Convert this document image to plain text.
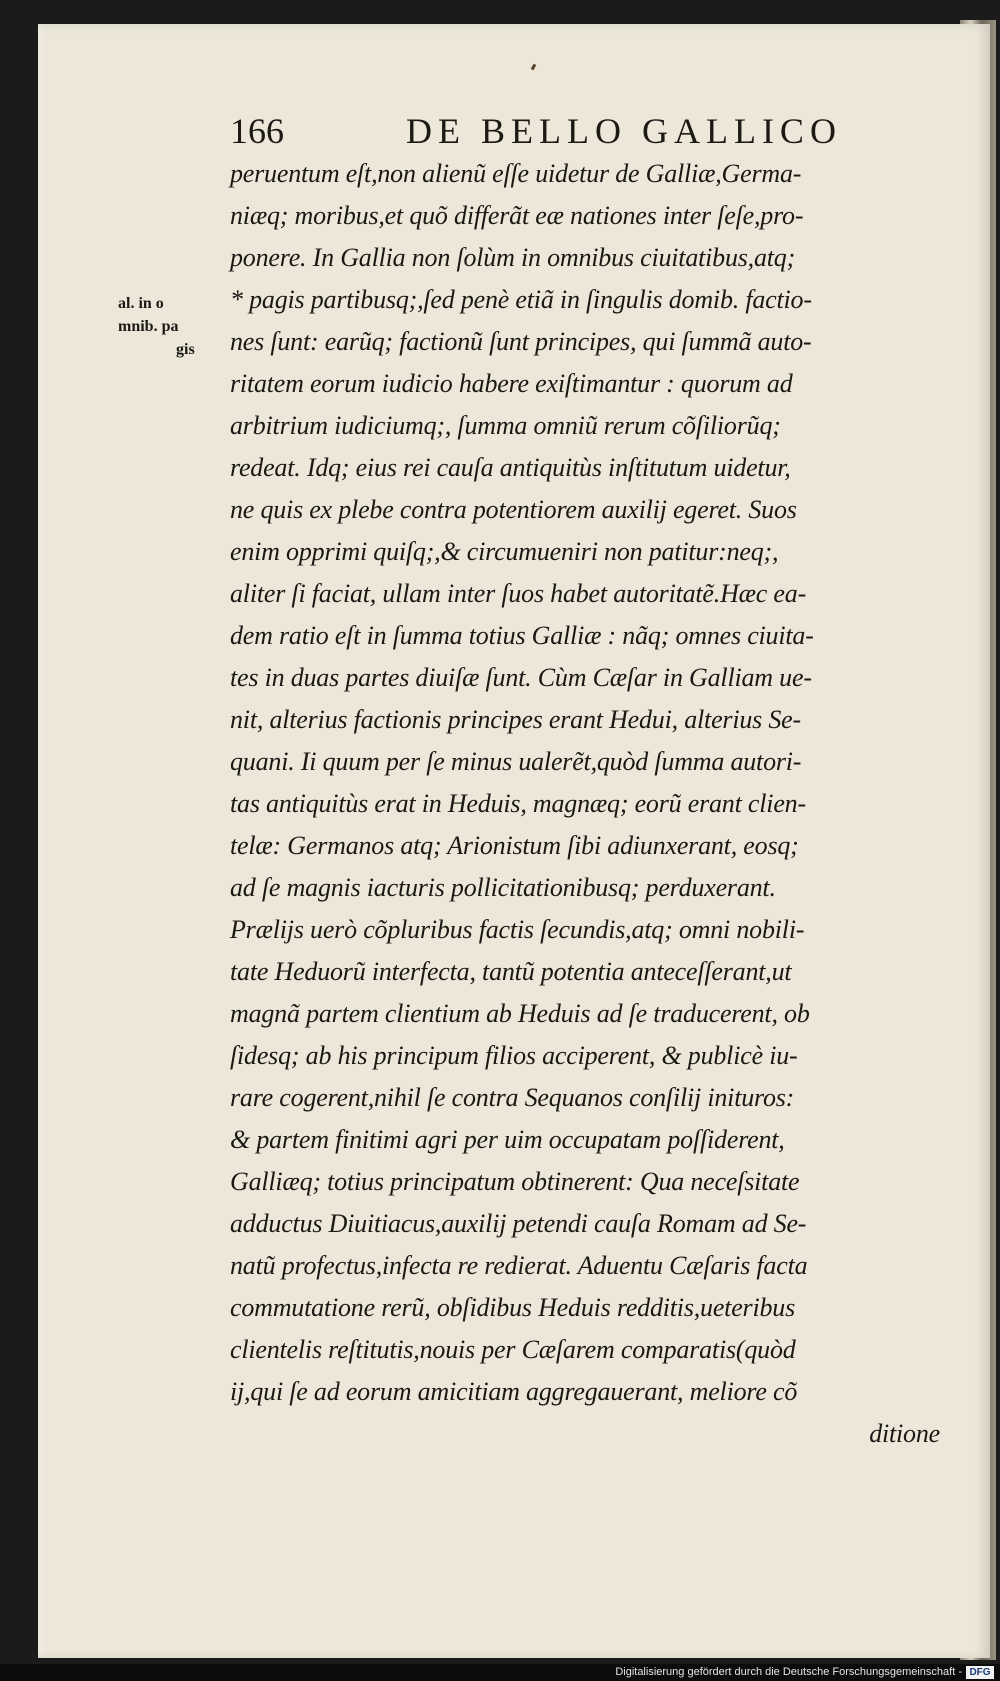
166	DE BELLO GALLICO
al. in o
mnib. pa
gis
peruentum eſt,non alienũ eſſe uidetur de Galliæ,Germa-
niæq; moribus,et quõ differãt eæ nationes inter ſeſe,pro-
ponere. In Gallia non ſolùm in omnibus ciuitatibus,atq;
* pagis partibusq;,ſed penè etiã in ſingulis domib. factio-
nes ſunt: earũq; factionũ ſunt principes, qui ſummã auto-
ritatem eorum iudicio habere exiſtimantur : quorum ad
arbitrium iudiciumq;, ſumma omniũ rerum cõſiliorũq;
redeat. Idq; eius rei cauſa antiquitùs inſtitutum uidetur,
ne quis ex plebe contra potentiorem auxilij egeret. Suos
enim opprimi quiſq;,& circumueniri non patitur:neq;,
aliter ſi faciat, ullam inter ſuos habet autoritatẽ.Hæc ea-
dem ratio eſt in ſumma totius Galliæ : nãq; omnes ciuita-
tes in duas partes diuiſæ ſunt. Cùm Cæſar in Galliam ue-
nit, alterius factionis principes erant Hedui, alterius Se-
quani. Ii quum per ſe minus ualerẽt,quòd ſumma autori-
tas antiquitùs erat in Heduis, magnæq; eorũ erant clien-
telæ: Germanos atq; Arionistum ſibi adiunxerant, eosq;
ad ſe magnis iacturis pollicitationibusq; perduxerant.
Prælijs uerò cõpluribus factis ſecundis,atq; omni nobili-
tate Heduorũ interfecta, tantũ potentia anteceſſerant,ut
magnã partem clientium ab Heduis ad ſe traducerent, ob
ſidesq; ab his principum filios acciperent, & publicè iu-
rare cogerent,nihil ſe contra Sequanos conſilij inituros:
& partem finitimi agri per uim occupatam poſſiderent,
Galliæq; totius principatum obtinerent: Qua neceſsitate
adductus Diuitiacus,auxilij petendi cauſa Romam ad Se-
natũ profectus,infecta re redierat. Aduentu Cæſaris facta
commutatione rerũ, obſidibus Heduis redditis,ueteribus
clientelis reſtitutis,nouis per Cæſarem comparatis(quòd
ij,qui ſe ad eorum amicitiam aggregauerant, meliore cõ
ditione
Digitalisierung gefördert durch die Deutsche Forschungsgemeinschaft - DFG
